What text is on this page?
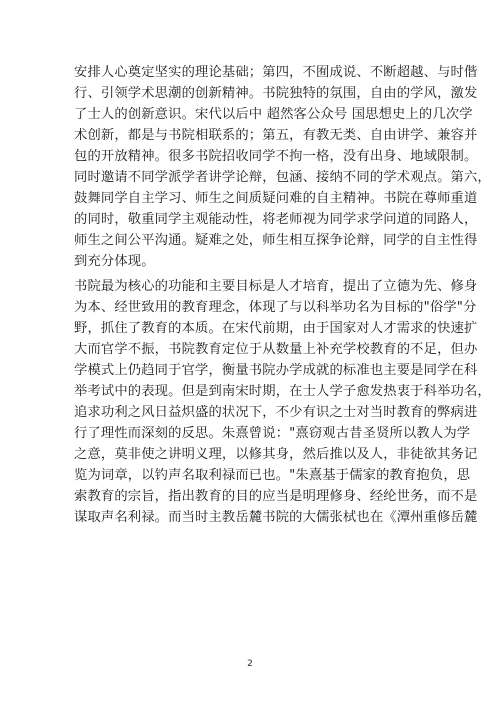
安排人心奠定坚实的理论基础；第四，不囿成说、不断超越、与时偕
行、引领学术思潮的创新精神。书院独特的氛围，自由的学风，激发
了士人的创新意识。宋代以后中 超然客公众号 国思想史上的几次学
术创新，都是与书院相联系的；第五，有教无类、自由讲学、兼容并
包的开放精神。很多书院招收同学不拘一格，没有出身、地域限制。
同时邀请不同学派学者讲学论辩，包涵、接纳不同的学术观点。第六，
鼓舞同学自主学习、师生之间质疑问难的自主精神。书院在尊师重道
的同时，敬重同学主观能动性，将老师视为同学求学问道的同路人，
师生之间公平沟通。疑难之处，师生相互探争论辩，同学的自主性得
到充分体现。
书院最为核心的功能和主要目标是人才培育，提出了立德为先、修身
为本、经世致用的教育理念，体现了与以科举功名为目标的"俗学"分
野，抓住了教育的本质。在宋代前期，由于国家对人才需求的快速扩
大而官学不振，书院教育定位于从数量上补充学校教育的不足，但办
学模式上仍趋同于官学，衡量书院办学成就的标准也主要是同学在科
举考试中的表现。但是到南宋时期，在士人学子愈发热衷于科举功名，
追求功利之风日益炽盛的状况下，不少有识之士对当时教育的弊病进
行了理性而深刻的反思。朱熹曾说："熹窃观古昔圣贤所以教人为学
之意，莫非使之讲明义理，以修其身，然后推以及人，非徒欲其务记
览为词章，以钓声名取利禄而已也。"朱熹基于儒家的教育抱负，思
索教育的宗旨，指出教育的目的应当是明理修身、经纶世务，而不是
谋取声名利禄。而当时主教岳麓书院的大儒张栻也在《潭州重修岳麓
2
